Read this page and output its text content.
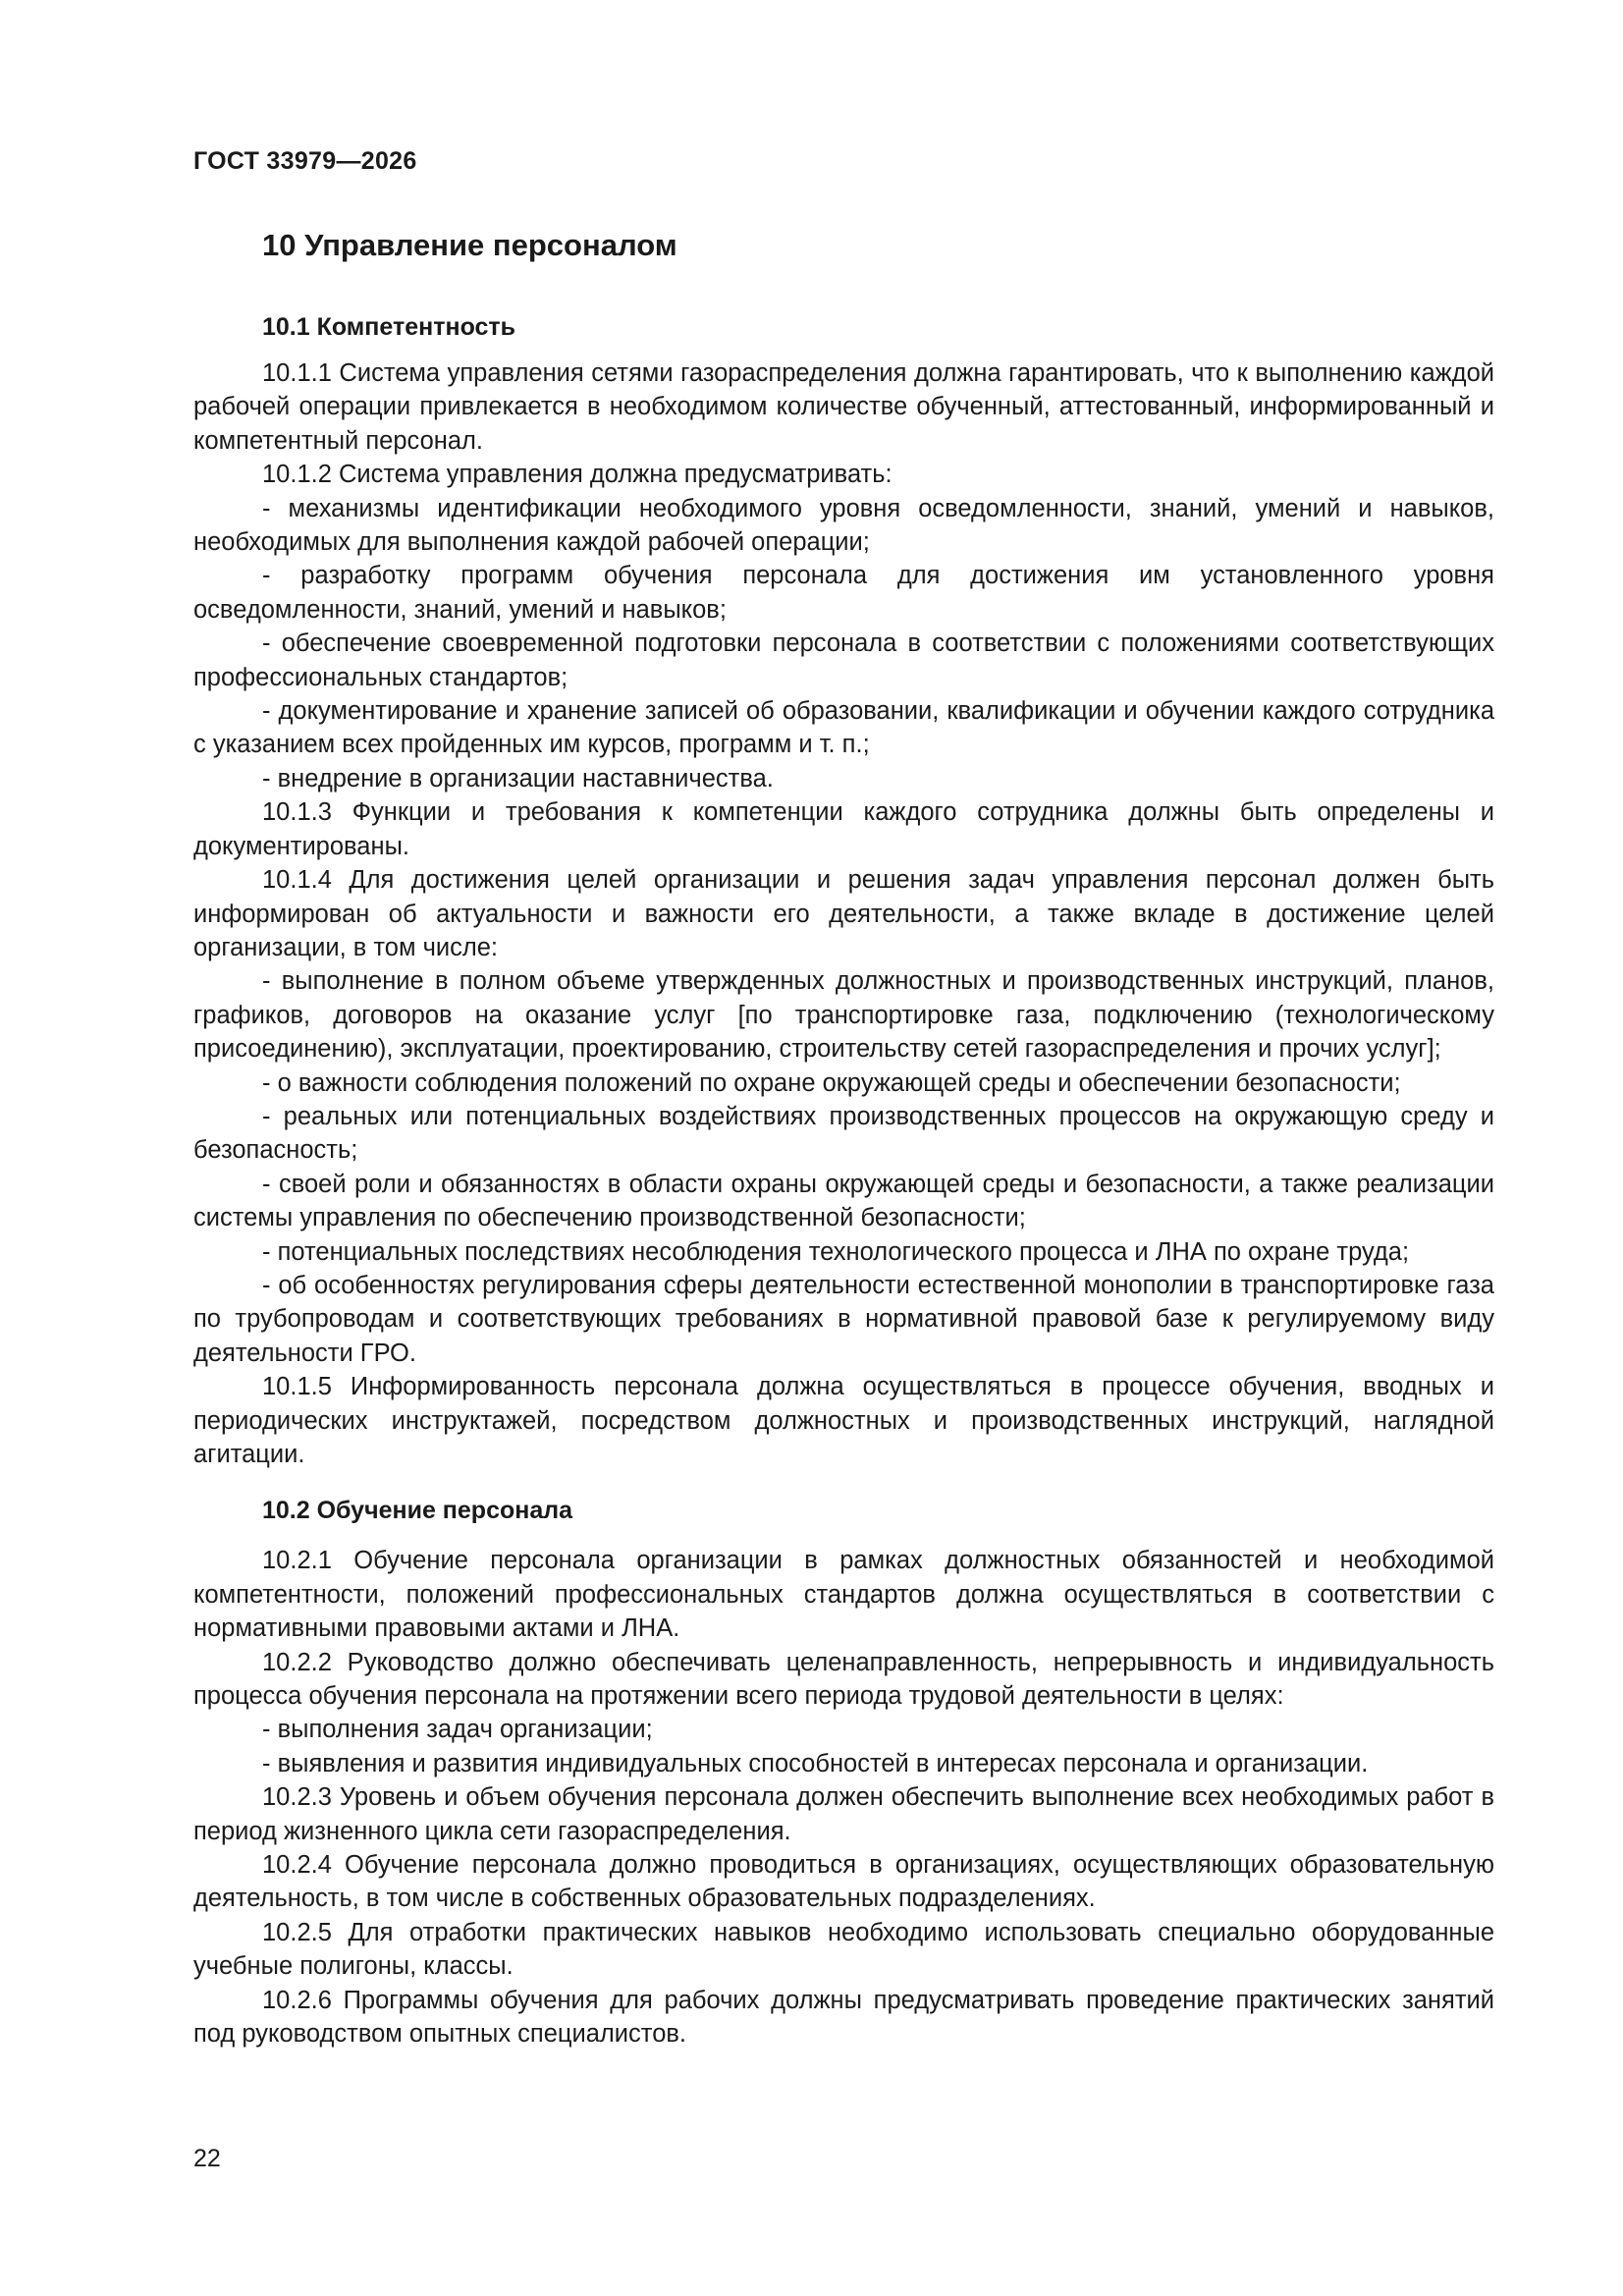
ГОСТ 33979—2026
10 Управление персоналом
10.1 Компетентность

10.1.1 Система управления сетями газораспределения должна гарантировать, что к выполнению каждой рабочей операции привлекается в необходимом количестве обученный, аттестованный, информированный и компетентный персонал.

10.1.2 Система управления должна предусматривать:

- механизмы идентификации необходимого уровня осведомленности, знаний, умений и навыков, необходимых для выполнения каждой рабочей операции;

- разработку программ обучения персонала для достижения им установленного уровня осведомленности, знаний, умений и навыков;

- обеспечение своевременной подготовки персонала в соответствии с положениями соответствующих профессиональных стандартов;

- документирование и хранение записей об образовании, квалификации и обучении каждого сотрудника с указанием всех пройденных им курсов, программ и т. п.;

- внедрение в организации наставничества.

10.1.3 Функции и требования к компетенции каждого сотрудника должны быть определены и документированы.

10.1.4 Для достижения целей организации и решения задач управления персонал должен быть информирован об актуальности и важности его деятельности, а также вкладе в достижение целей организации, в том числе:

- выполнение в полном объеме утвержденных должностных и производственных инструкций, планов, графиков, договоров на оказание услуг [по транспортировке газа, подключению (технологическому присоединению), эксплуатации, проектированию, строительству сетей газораспределения и прочих услуг];

- о важности соблюдения положений по охране окружающей среды и обеспечении безопасности;

- реальных или потенциальных воздействиях производственных процессов на окружающую среду и безопасность;

- своей роли и обязанностях в области охраны окружающей среды и безопасности, а также реализации системы управления по обеспечению производственной безопасности;

- потенциальных последствиях несоблюдения технологического процесса и ЛНА по охране труда;

- об особенностях регулирования сферы деятельности естественной монополии в транспортировке газа по трубопроводам и соответствующих требованиях в нормативной правовой базе к регулируемому виду деятельности ГРО.

10.1.5 Информированность персонала должна осуществляться в процессе обучения, вводных и периодических инструктажей, посредством должностных и производственных инструкций, наглядной агитации.

10.2 Обучение персонала

10.2.1 Обучение персонала организации в рамках должностных обязанностей и необходимой компетентности, положений профессиональных стандартов должна осуществляться в соответствии с нормативными правовыми актами и ЛНА.

10.2.2 Руководство должно обеспечивать целенаправленность, непрерывность и индивидуальность процесса обучения персонала на протяжении всего периода трудовой деятельности в целях:

- выполнения задач организации;

- выявления и развития индивидуальных способностей в интересах персонала и организации.

10.2.3 Уровень и объем обучения персонала должен обеспечить выполнение всех необходимых работ в период жизненного цикла сети газораспределения.

10.2.4 Обучение персонала должно проводиться в организациях, осуществляющих образовательную деятельность, в том числе в собственных образовательных подразделениях.

10.2.5 Для отработки практических навыков необходимо использовать специально оборудованные учебные полигоны, классы.

10.2.6 Программы обучения для рабочих должны предусматривать проведение практических занятий под руководством опытных специалистов.

22
